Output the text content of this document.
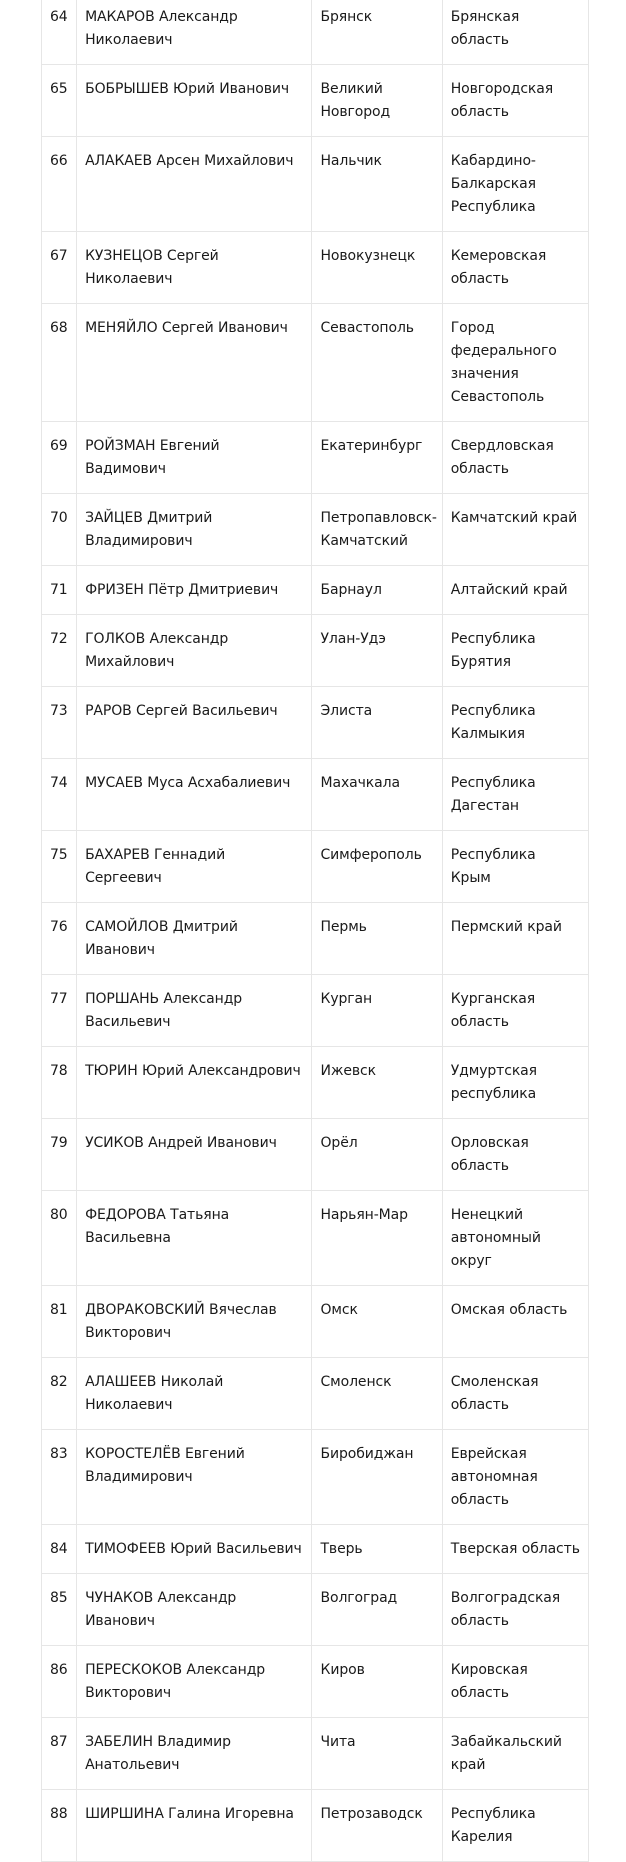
64	МАКАРОВ Александр Николаевич	Брянск	Брянская область
65	БОБРЫШЕВ Юрий Иванович	Великий Новгород	Новгородская область
66	АЛАКАЕВ Арсен Михайлович	Нальчик	Кабардино-Балкарская Республика
67	КУЗНЕЦОВ Сергей Николаевич	Новокузнецк	Кемеровская область
68	МЕНЯЙЛО Сергей Иванович	Севастополь	Город федерального значения Севастополь
69	РОЙЗМАН Евгений Вадимович	Екатеринбург	Свердловская область
70	ЗАЙЦЕВ Дмитрий Владимирович	Петропавловск-Камчатский	Камчатский край
71	ФРИЗЕН Пётр Дмитриевич	Барнаул	Алтайский край
72	ГОЛКОВ Александр Михайлович	Улан-Удэ	Республика Бурятия
73	РАРОВ Сергей Васильевич	Элиста	Республика Калмыкия
74	МУСАЕВ Муса Асхабалиевич	Махачкала	Республика Дагестан
75	БАХАРЕВ Геннадий Сергеевич	Симферополь	Республика Крым
76	САМОЙЛОВ Дмитрий Иванович	Пермь	Пермский край
77	ПОРШАНЬ Александр Васильевич	Курган	Курганская область
78	ТЮРИН Юрий Александрович	Ижевск	Удмуртская республика
79	УСИКОВ Андрей Иванович	Орёл	Орловская область
80	ФЕДОРОВА Татьяна Васильевна	Нарьян-Мар	Ненецкий автономный округ
81	ДВОРАКОВСКИЙ Вячеслав Викторович	Омск	Омская область
82	АЛАШЕЕВ Николай Николаевич	Смоленск	Смоленская область
83	КОРОСТЕЛЁВ Евгений Владимирович	Биробиджан	Еврейская автономная область
84	ТИМОФЕЕВ Юрий Васильевич	Тверь	Тверская область
85	ЧУНАКОВ Александр Иванович	Волгоград	Волгоградская область
86	ПЕРЕСКОКОВ Александр Викторович	Киров	Кировская область
87	ЗАБЕЛИН Владимир Анатольевич	Чита	Забайкальский край
88	ШИРШИНА Галина Игоревна	Петрозаводск	Республика Карелия
